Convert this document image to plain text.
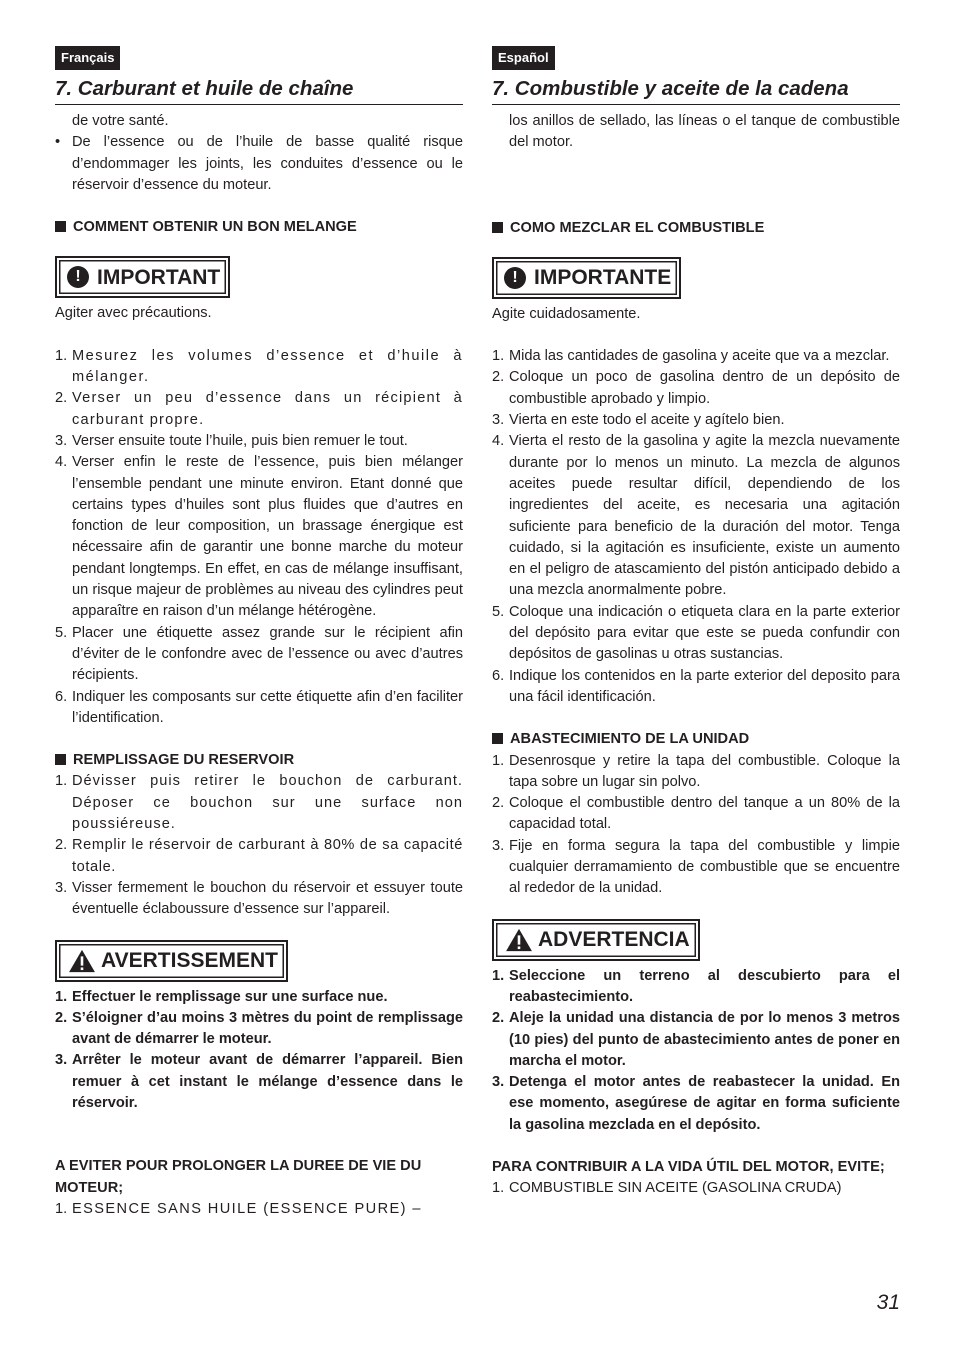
Français
7. Carburant et huile de chaîne

de votre santé.

• De l’essence ou de l’huile de basse qualité risque d’endommager les joints, les conduites d’essence ou le réservoir d’essence du moteur.

COMMENT OBTENIR UN BON MELANGE

! IMPORTANT

Agiter avec précautions.

1. Mesurez les volumes d’essence et d’huile à mélanger.
2. Verser un peu d’essence dans un récipient à carburant propre.
3. Verser ensuite toute l’huile, puis bien remuer le tout.
4. Verser enfin le reste de l’essence, puis bien mélanger l’ensemble pendant une minute environ. Etant donné que certains types d’huiles sont plus fluides que d’autres en fonction de leur composition, un brassage énergique est nécessaire afin de garantir une bonne marche du moteur pendant longtemps. En effet, en cas de mélange insuffisant, un risque majeur de problèmes au niveau des cylindres peut apparaître en raison d’un mélange hétérogène.
5. Placer une étiquette assez grande sur le récipient afin d’éviter de le confondre avec de l’essence ou avec d’autres récipients.
6. Indiquer les composants sur cette étiquette afin d’en faciliter l’identification.

REMPLISSAGE DU RESERVOIR

1. Dévisser puis retirer le bouchon de carburant. Déposer ce bouchon sur une surface non poussiéreuse.
2. Remplir le réservoir de carburant à 80% de sa capacité totale.
3. Visser fermement le bouchon du réservoir et essuyer toute éventuelle éclaboussure d’essence sur l’appareil.
AVERTISSEMENT
1. Effectuer le remplissage sur une surface nue.
2. S’éloigner d’au moins 3 mètres du point de remplissage avant de démarrer le moteur.
3. Arrêter le moteur avant de démarrer l’appareil. Bien remuer à cet instant le mélange d’essence dans le réservoir.

A EVITER POUR PROLONGER LA DUREE DE VIE DU MOTEUR;

1. ESSENCE SANS HUILE (ESSENCE PURE) –
Español
7. Combustible y aceite de la cadena

los anillos de sellado, las líneas o el tanque de combustible del motor.

COMO MEZCLAR EL COMBUSTIBLE

! IMPORTANTE

Agite cuidadosamente.

1. Mida las cantidades de gasolina y aceite que va a mezclar.
2. Coloque un poco de gasolina dentro de un depósito de combustible aprobado y limpio.
3. Vierta en este todo el aceite y agítelo bien.
4. Vierta el resto de la gasolina y agite la mezcla nuevamente durante por lo menos un minuto. La mezcla de algunos aceites puede resultar difícil, dependiendo de los ingredientes del aceite, es necesaria una agitación suficiente para beneficio de la duración del motor. Tenga cuidado, si la agitación es insuficiente, existe un aumento en el peligro de atascamiento del pistón anticipado debido a una mezcla anormalmente pobre.
5. Coloque una indicación o etiqueta clara en la parte exterior del depósito para evitar que este se pueda confundir con depósitos de gasolinas u otras sustancias.
6. Indique los contenidos en la parte exterior del deposito para una fácil identificación.

ABASTECIMIENTO DE LA UNIDAD

1. Desenrosque y retire la tapa del combustible. Coloque la tapa sobre un lugar sin polvo.
2. Coloque el combustible dentro del tanque a un 80% de la capacidad total.
3. Fije en forma segura la tapa del combustible y limpie cualquier derramamiento de combustible que se encuentre al rededor de la unidad.
ADVERTENCIA
1. Seleccione un terreno al descubierto para el reabastecimiento.
2. Aleje la unidad una distancia de por lo menos 3 metros (10 pies) del punto de abastecimiento antes de poner en marcha el motor.
3. Detenga el motor antes de reabastecer la unidad. En ese momento, asegúrese de agitar en forma suficiente la gasolina mezclada en el depósito.

PARA CONTRIBUIR A LA VIDA ÚTIL DEL MOTOR, EVITE;

1. COMBUSTIBLE SIN ACEITE (GASOLINA CRUDA)
31
